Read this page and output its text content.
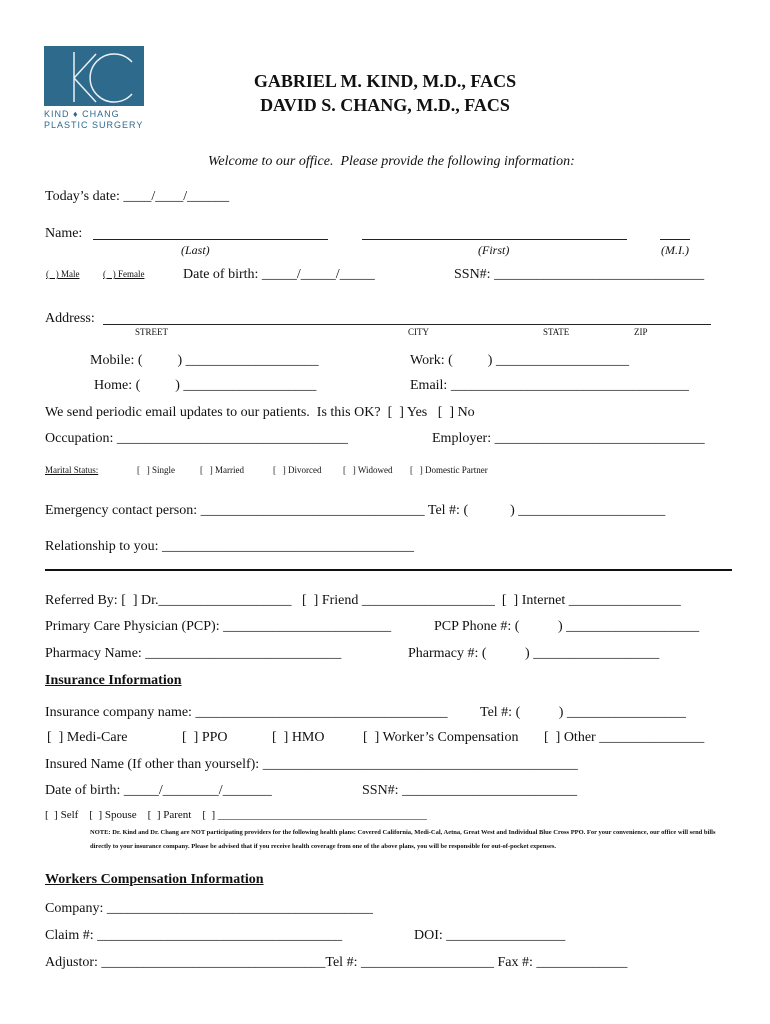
KIND ♦ CHANG
PLASTIC SURGERY
GABRIEL M. KIND, M.D., FACS
DAVID S. CHANG, M.D., FACS
Welcome to our office.  Please provide the following information:
Today’s date: ____/____/______
Name:
(Last)	(First)	(M.I.)
(   ) Male	(   ) Female	Date of birth: _____/_____/_____	SSN#: ______________________________
Address:
STREET	CITY	STATE	ZIP
Mobile: (          ) ___________________	Work: (          ) ___________________
Home: (          ) ___________________	Email: __________________________________
We send periodic email updates to our patients.  Is this OK?  [  ] Yes   [  ] No
Occupation: _________________________________	Employer: ______________________________
Marital Status:	[   ] Single	[   ] Married	[   ] Divorced [   ] Widowed [   ] Domestic Partner
Emergency contact person: ________________________________ Tel #: (            ) _____________________
Relationship to you: ____________________________________
Referred By: [  ] Dr.___________________   [  ] Friend ___________________  [  ] Internet ________________
Primary Care Physician (PCP): ________________________	PCP Phone #: (           ) ___________________
Pharmacy Name: ____________________________	Pharmacy #: (           ) __________________
Insurance Information
Insurance company name: ____________________________________ Tel #: (           ) _________________
[  ] Medi-Care	[  ] PPO	[  ] HMO	[  ] Worker’s Compensation [  ] Other _______________
Insured Name (If other than yourself): _____________________________________________
Date of birth: _____/________/_______	SSN#: _________________________
[  ] Self    [  ] Spouse    [  ] Parent    [  ] ______________________________________
NOTE: Dr. Kind and Dr. Chang are NOT participating providers for the following health plans: Covered California, Medi-Cal, Aetna, Great West and Individual Blue Cross PPO. For your convenience, our office will send bills directly to your insurance company. Please be advised that if you receive health coverage from one of the above plans, you will be responsible for out-of-pocket expenses.
Workers Compensation Information
Company: ______________________________________
Claim #: ___________________________________	DOI: _________________
Adjustor: ________________________________Tel #: ___________________ Fax #: _____________
